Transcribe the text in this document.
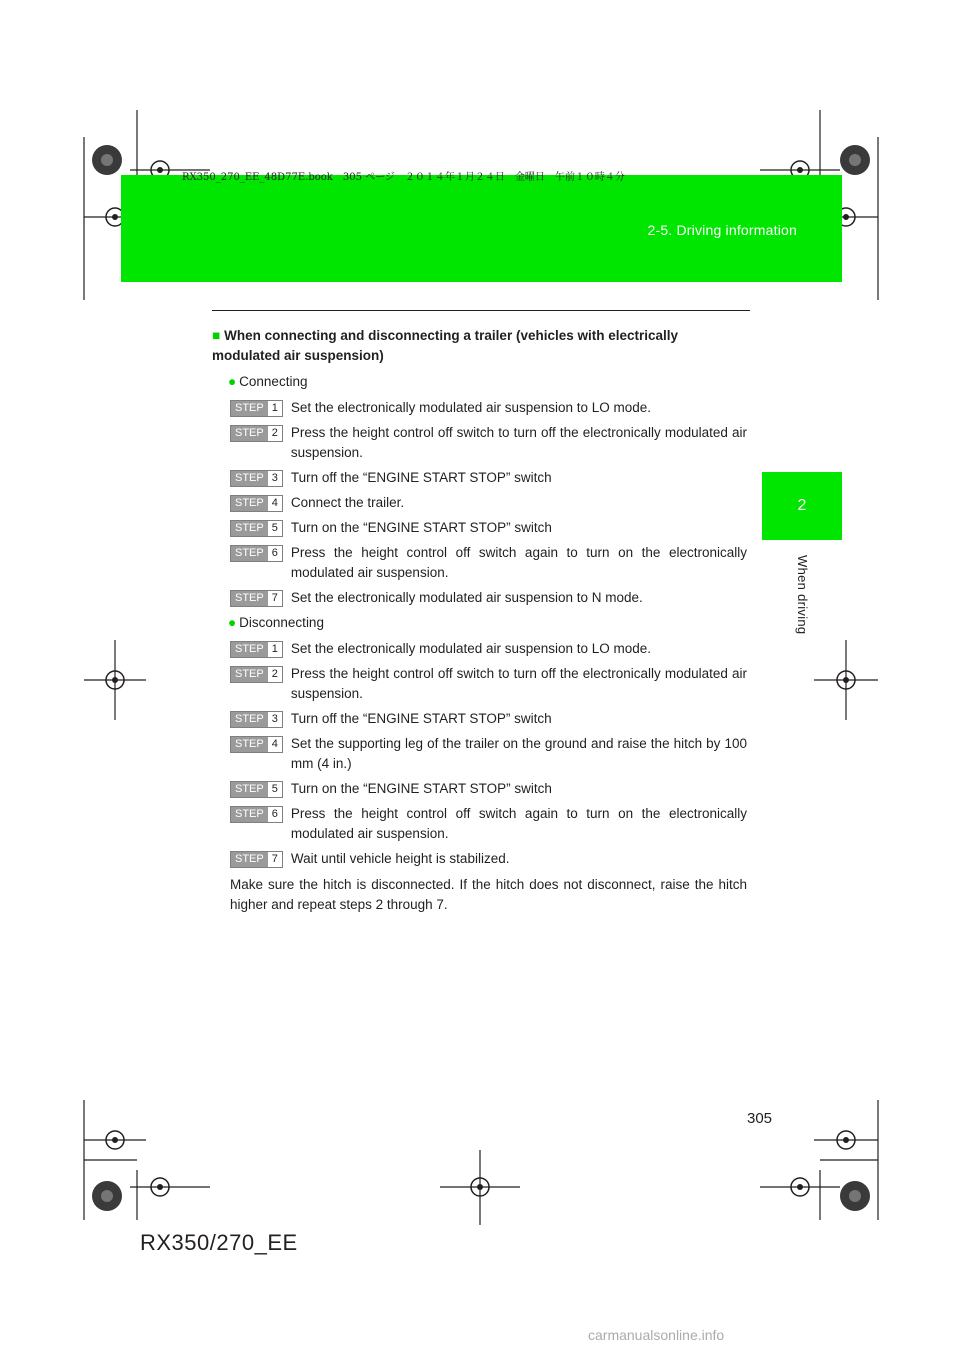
RX350_270_EE_48D77E.book　305 ページ　２０１４年１月２４日　金曜日　午前１０時４分
2-5. Driving information
2
When driving
■ When connecting and disconnecting a trailer (vehicles with electrically modulated air suspension)
● Connecting
STEP 1 Set the electronically modulated air suspension to LO mode.
STEP 2 Press the height control off switch to turn off the electronically modulated air suspension.
STEP 3 Turn off the “ENGINE START STOP” switch
STEP 4 Connect the trailer.
STEP 5 Turn on the “ENGINE START STOP” switch
STEP 6 Press the height control off switch again to turn on the electronically modulated air suspension.
STEP 7 Set the electronically modulated air suspension to N mode.
● Disconnecting
STEP 1 Set the electronically modulated air suspension to LO mode.
STEP 2 Press the height control off switch to turn off the electronically modulated air suspension.
STEP 3 Turn off the “ENGINE START STOP” switch
STEP 4 Set the supporting leg of the trailer on the ground and raise the hitch by 100 mm (4 in.)
STEP 5 Turn on the “ENGINE START STOP” switch
STEP 6 Press the height control off switch again to turn on the electronically modulated air suspension.
STEP 7 Wait until vehicle height is stabilized.
Make sure the hitch is disconnected. If the hitch does not disconnect, raise the hitch higher and repeat steps 2 through 7.
305
RX350/270_EE
carmanualsonline.info
